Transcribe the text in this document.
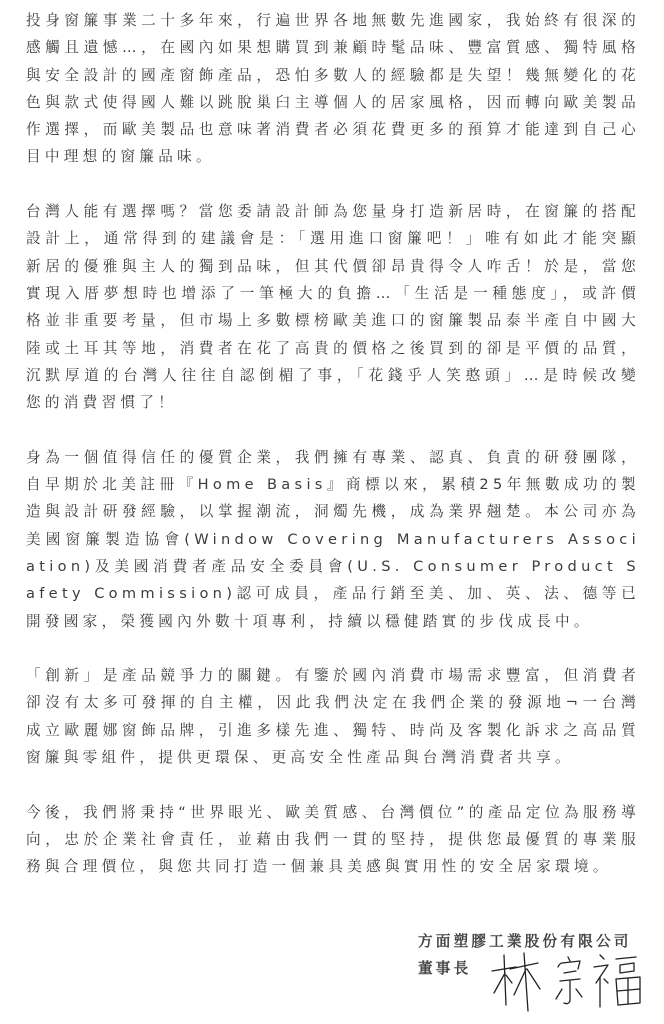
投身窗簾事業二十多年來，行遍世界各地無數先進國家，我始終有很深的感觸且遺憾…，在國內如果想購買到兼顧時髦品味、豐富質感、獨特風格與安全設計的國產窗飾產品，恐怕多數人的經驗都是失望！幾無變化的花色與款式使得國人難以跳脫巢臼主導個人的居家風格，因而轉向歐美製品作選擇，而歐美製品也意味著消費者必須花費更多的預算才能達到自己心目中理想的窗簾品味。

台灣人能有選擇嗎？當您委請設計師為您量身打造新居時，在窗簾的搭配設計上，通常得到的建議會是：「選用進口窗簾吧！」唯有如此才能突顯新居的優雅與主人的獨到品味，但其代價卻昂貴得令人咋舌！於是，當您實現入厝夢想時也增添了一筆極大的負擔…「生活是一種態度」，或許價格並非重要考量，但市場上多數標榜歐美進口的窗簾製品泰半產自中國大陸或土耳其等地，消費者在花了高貴的價格之後買到的卻是平價的品質，沉默厚道的台灣人往往自認倒楣了事，「花錢乎人笑憨頭」…是時候改變您的消費習慣了！

身為一個值得信任的優質企業，我們擁有專業、認真、負責的研發團隊，自早期於北美註冊『Home Basis』商標以來，累積25年無數成功的製造與設計研發經驗，以掌握潮流，洞燭先機，成為業界翹楚。本公司亦為美國窗簾製造協會(Window Covering Manufacturers Association)及美國消費者產品安全委員會(U.S. Consumer Product Safety Commission)認可成員，產品行銷至美、加、英、法、德等已開發國家，榮獲國內外數十項專利，持續以穩健踏實的步伐成長中。

「創新」是產品競爭力的關鍵。有鑒於國內消費市場需求豐富，但消費者卻沒有太多可發揮的自主權，因此我們決定在我們企業的發源地¬一台灣成立歐麗娜窗飾品牌，引進多樣先進、獨特、時尚及客製化訴求之高品質窗簾與零組件，提供更環保、更高安全性產品與台灣消費者共享。

今後，我們將秉持“世界眼光、歐美質感、台灣價位”的產品定位為服務導向，忠於企業社會責任，並藉由我們一貫的堅持，提供您最優質的專業服務與合理價位，與您共同打造一個兼具美感與實用性的安全居家環境。

方面塑膠工業股份有限公司
董事長
